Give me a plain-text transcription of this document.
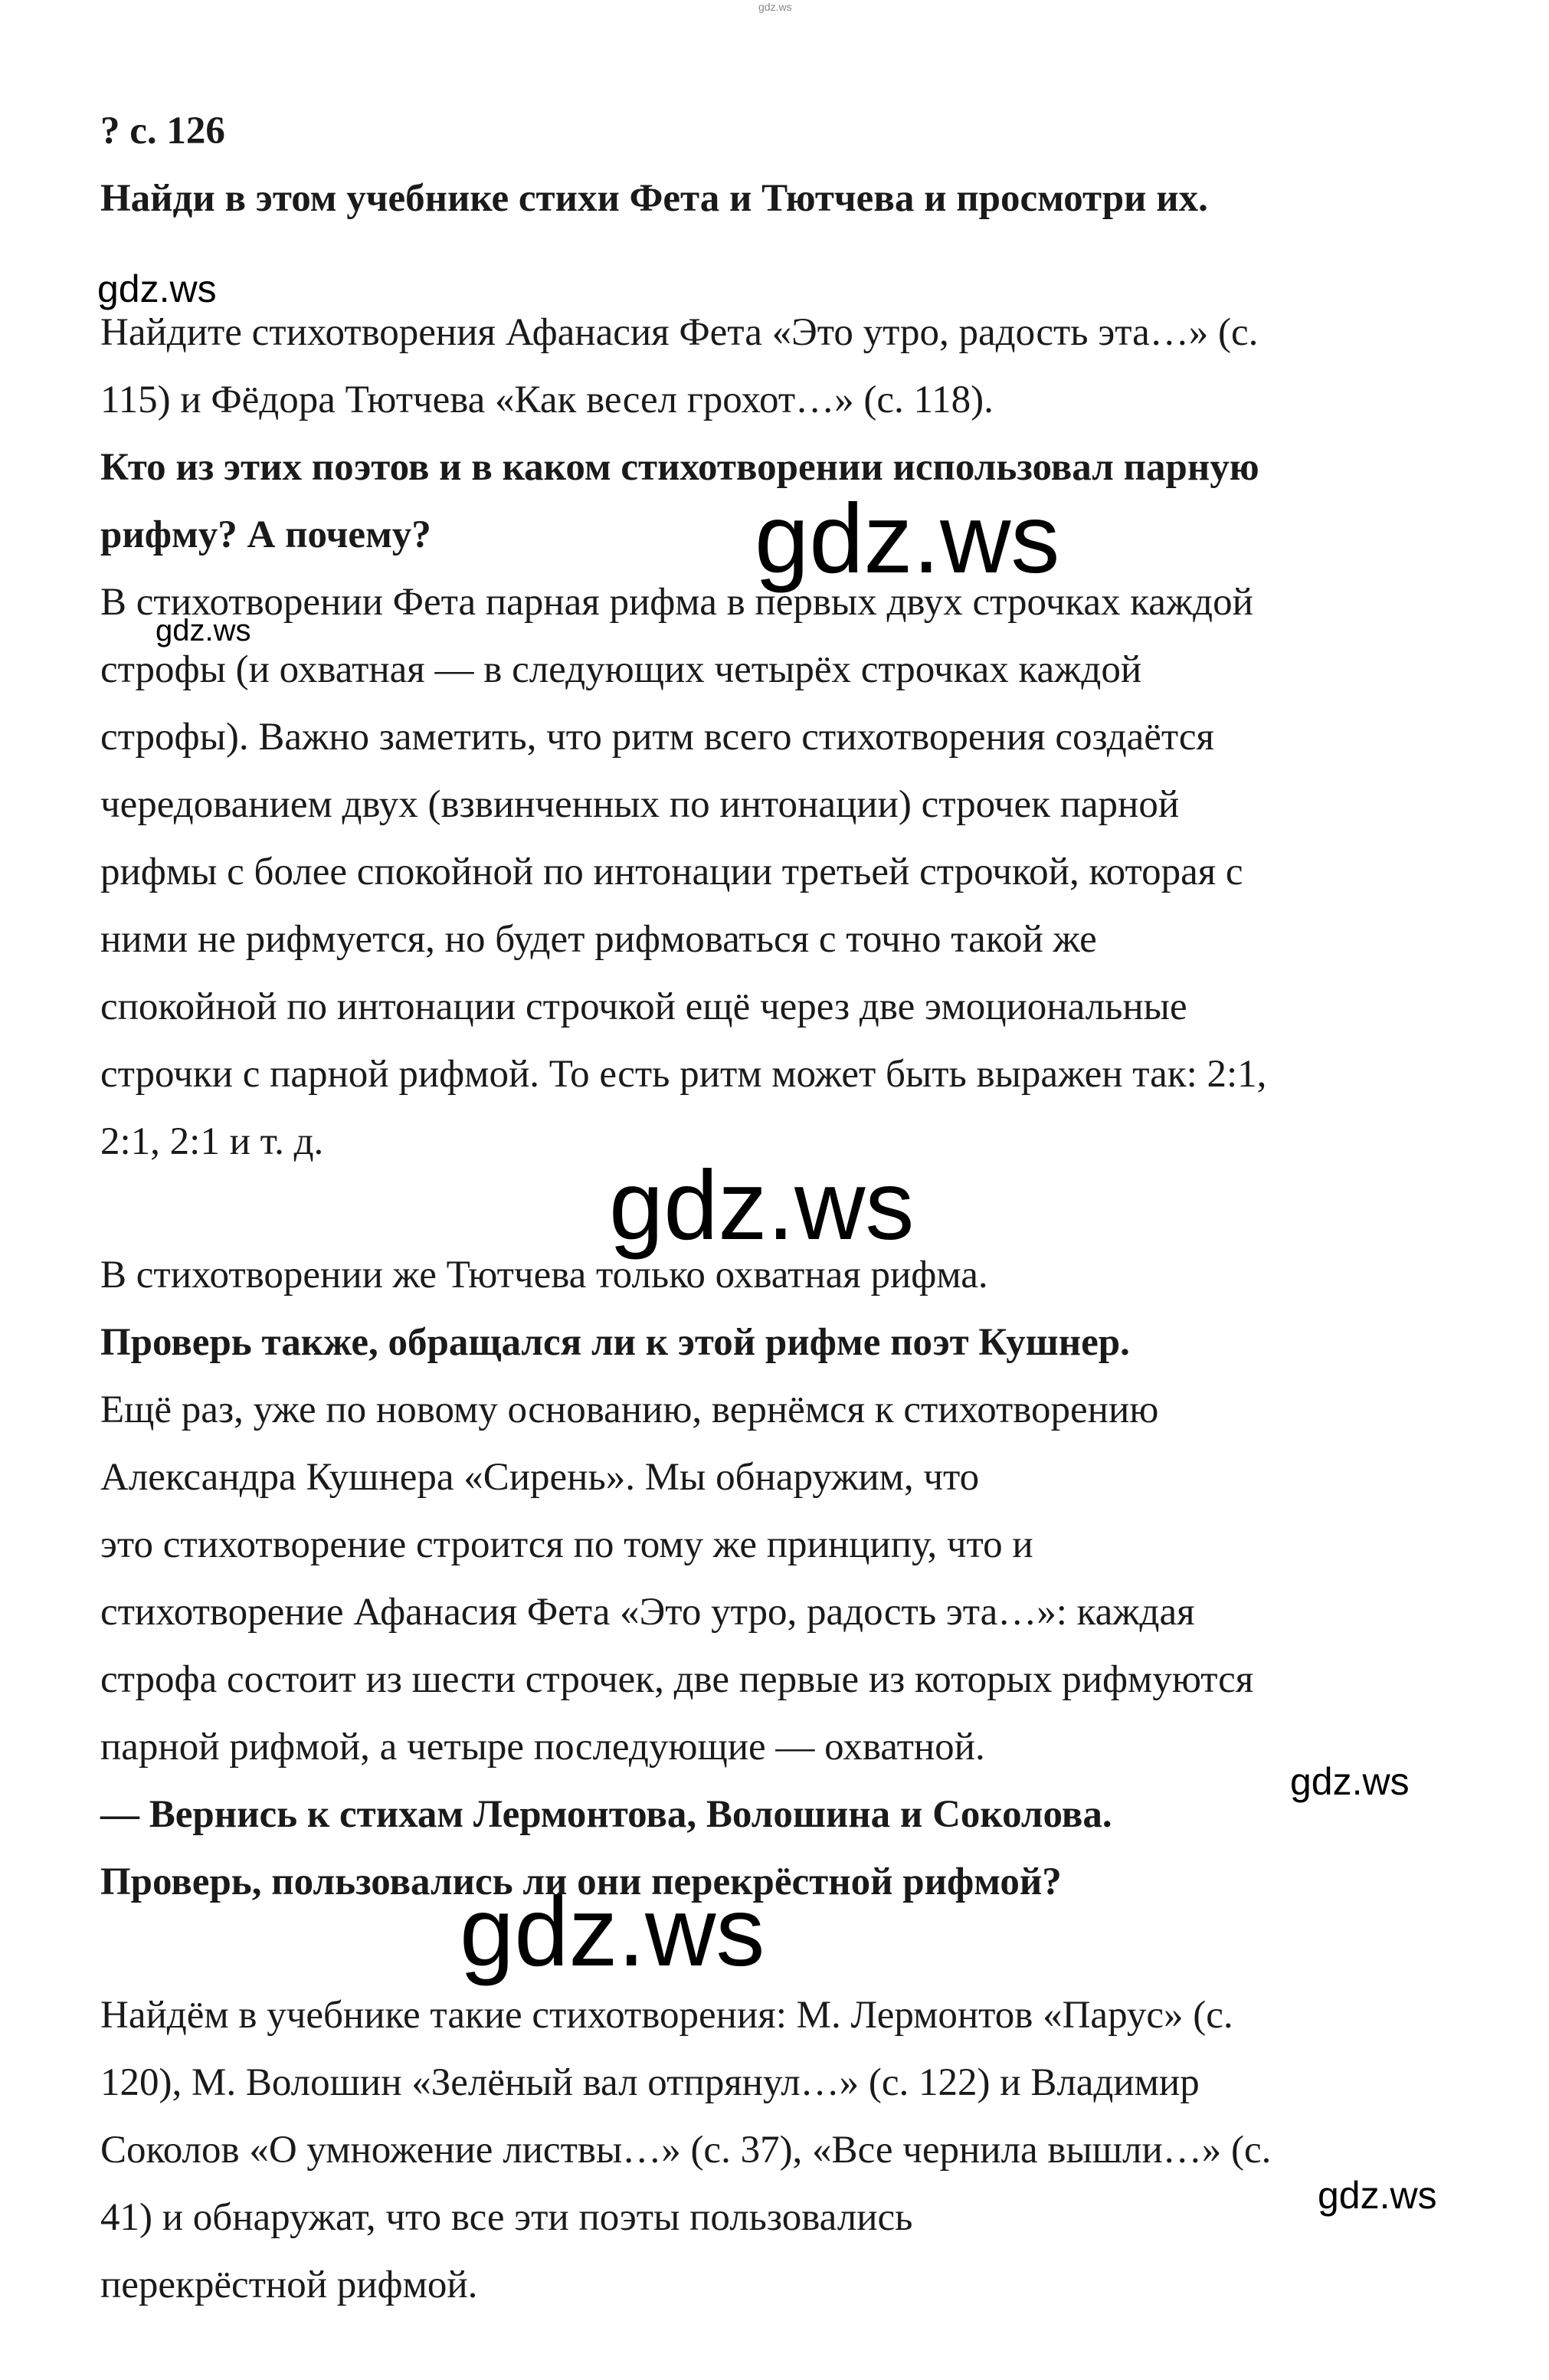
gdz.ws
gdz.ws
gdz.ws
gdz.ws
gdz.ws
gdz.ws
gdz.ws
gdz.ws
? с. 126
Найди в этом учебнике стихи Фета и Тютчева и просмотри их.
Найдите стихотворения Афанасия Фета «Это утро, радость эта…» (с.
115) и Фёдора Тютчева «Как весел грохот…» (с. 118).
Кто из этих поэтов и в каком стихотворении использовал парную
рифму? А почему?
В стихотворении Фета парная рифма в первых двух строчках каждой
строфы (и охватная — в следующих четырёх строчках каждой
строфы). Важно заметить, что ритм всего стихотворения создаётся
чередованием двух (взвинченных по интонации) строчек парной
рифмы с более спокойной по интонации третьей строчкой, которая с
ними не рифмуется, но будет рифмоваться с точно такой же
спокойной по интонации строчкой ещё через две эмоциональные
строчки с парной рифмой. То есть ритм может быть выражен так: 2:1,
2:1, 2:1 и т. д.
В стихотворении же Тютчева только охватная рифма.
Проверь также, обращался ли к этой рифме поэт Кушнер.
Ещё раз, уже по новому основанию, вернёмся к стихотворению
Александра Кушнера «Сирень». Мы обнаружим, что
это стихотворение строится по тому же принципу, что и
стихотворение Афанасия Фета «Это утро, радость эта…»: каждая
строфа состоит из шести строчек, две первые из которых рифмуются
парной рифмой, а четыре последующие — охватной.
— Вернись к стихам Лермонтова, Волошина и Соколова.
Проверь, пользовались ли они перекрёстной рифмой?
Найдём в учебнике такие стихотворения: М. Лермонтов «Парус» (с.
120), М. Волошин «Зелёный вал отпрянул…» (с. 122) и Владимир
Соколов «О умножение листвы…» (с. 37), «Все чернила вышли…» (с.
41) и обнаружат, что все эти поэты пользовались
перекрёстной рифмой.
